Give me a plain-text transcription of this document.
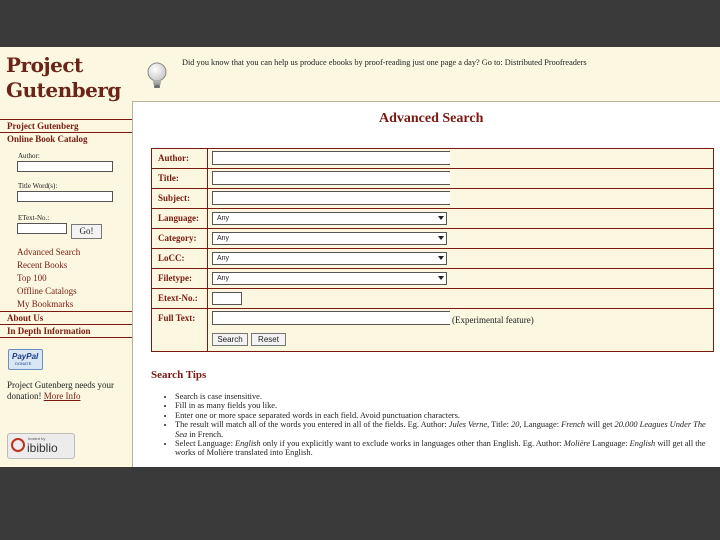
Project
Gutenberg
Project Gutenberg
Online Book Catalog
Author:
Title Word(s):
EText-No.:
Go!
Advanced Search
Recent Books
Top 100
Offline Catalogs
My Bookmarks
About Us
In Depth Information
PayPal
DONATE
Project Gutenberg needs your donation! More Info
hosted by
ibiblio
Did you know that you can help us produce ebooks by proof-reading just one page a day? Go to: Distributed Proofreaders
Advanced Search
Author:
Title:
Subject:
Language:	Any
Category:	Any
LoCC:	Any
Filetype:	Any
Etext-No.:
Full Text:	(Experimental feature)
Search	Reset
Search Tips
• Search is case insensitive.
• Fill in as many fields you like.
• Enter one or more space separated words in each field. Avoid punctuation characters.
• The result will match all of the words you entered in all of the fields. Eg. Author: Jules Verne, Title: 20, Language: French will get 20.000 Leagues Under The Sea in French.
• Select Language: English only if you explicitly want to exclude works in languages other than English. Eg. Author: Molière Language: English will get all the works of Molière translated into English.
